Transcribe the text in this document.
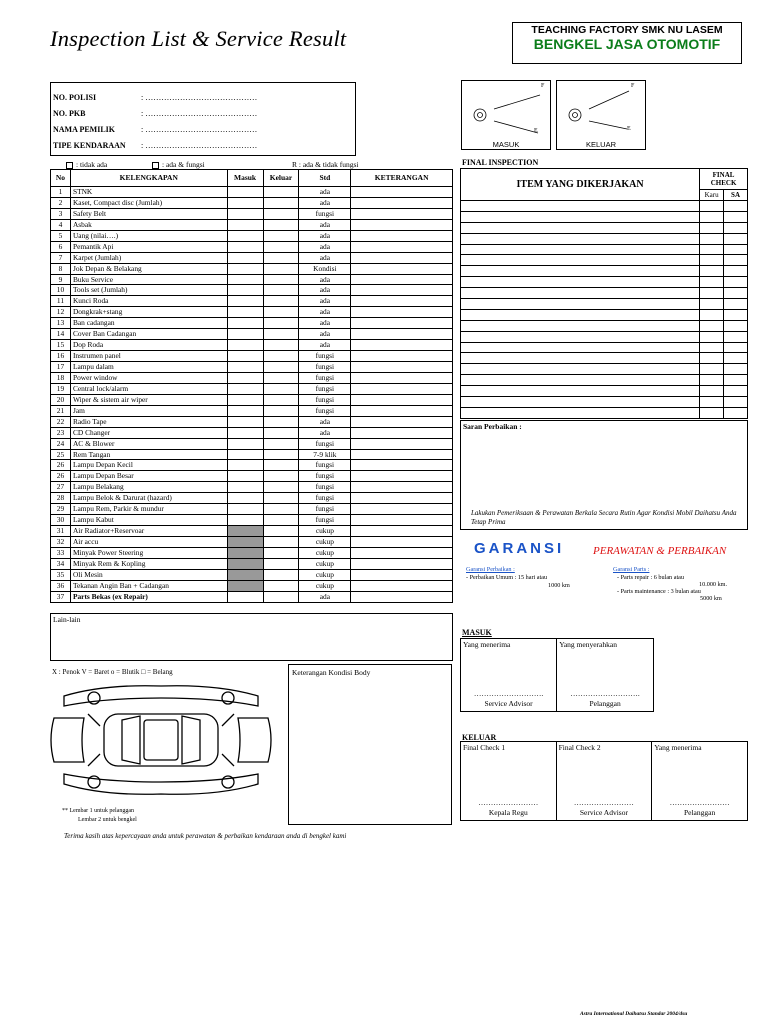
Inspection List & Service Result	TEACHING FACTORY SMK NU LASEM
BENGKEL JASA OTOMOTIF
NO. POLISI	: ……………………………………
NO. PKB	: ……………………………………
NAMA PEMILIK	: ……………………………………
TIPE KENDARAAN : ……………………………………
: tidak ada	: ada & fungsi	R : ada & tidak fungsi
No	KELENGKAPAN	Masuk	Keluar	Std	KETERANGAN
1	STNK			ada	
2	Kaset, Compact disc (Jumlah)			ada	
3	Safety Belt			fungsi	
4	Asbak			ada	
5	Uang (nilai….)			ada	
6	Pemantik Api			ada	
7	Karpet (Jumlah)			ada	
8	Jok Depan & Belakang			Kondisi	
9	Buku Service			ada	
10	Tools set (Jumlah)			ada	
11	Kunci Roda			ada	
12	Dongkrak+stang			ada	
13	Ban cadangan			ada	
14	Cover Ban Cadangan			ada	
15	Dop Roda			ada	
16	Instrumen panel			fungsi	
17	Lampu dalam			fungsi	
18	Power window			fungsi	
19	Central lock/alarm			fungsi	
20	Wiper & sistem air wiper			fungsi	
21	Jam			fungsi	
22	Radio Tape			ada	
23	CD Changer			ada	
24	AC & Blower			fungsi	
25	Rem Tangan			7-9 klik	
26	Lampu Depan Kecil			fungsi	
26	Lampu Depan Besar			fungsi	
27	Lampu Belakang			fungsi	
28	Lampu Belok & Darurat (hazard)			fungsi	
29	Lampu Rem, Parkir & mundur			fungsi	
30	Lampu Kabut			fungsi	
31	Air Radiator+Reservoar			cukup	
32	Air accu			cukup	
33	Minyak Power Steering			cukup	
34	Minyak Rem & Kopling			cukup	
35	Oli Mesin			cukup	
36	Tekanan Angin Ban + Cadangan			cukup	
37	Parts Bekas (ex Repair)			ada	
Lain-lain
X : Penok V = Baret o = Blutik □ = Belang
** Lembar 1 untuk pelanggan
Lembar 2 untuk bengkel
Keterangan Kondisi Body
Terima kasih atas kepercayaan anda untuk perawatan & perbaikan kendaraan anda di bengkel kami
F
E
MASUK
F
E
KELUAR
FINAL INSPECTION
ITEM YANG DIKERJAKAN	FINAL CHECK	
	Karu	SA

Saran Perbaikan :
Lakukan Pemeriksaan & Perawatan Berkala Secara Rutin Agar Kondisi Mobil Daihatsu Anda Tetap Prima
GARANSI	PERAWATAN & PERBAIKAN
Garansi Perbaikan :
- Perbaikan Umum : 15 hari atau
1000 km
Garansi Parts :
- Parts repair : 6 bulan atau
10.000 km.
- Parts maintenance : 3 bulan atau
5000 km
MASUK
Yang menerima
……………………….
Service Advisor

Yang menyerahkan
……………………….
Pelanggan
KELUAR
Final Check 1
……………………
Kepala Regu

Final Check 2
……………………
Service Advisor

Yang menerima
……………………
Pelanggan
Astra International Daihatsu Standar 2004/dsu
